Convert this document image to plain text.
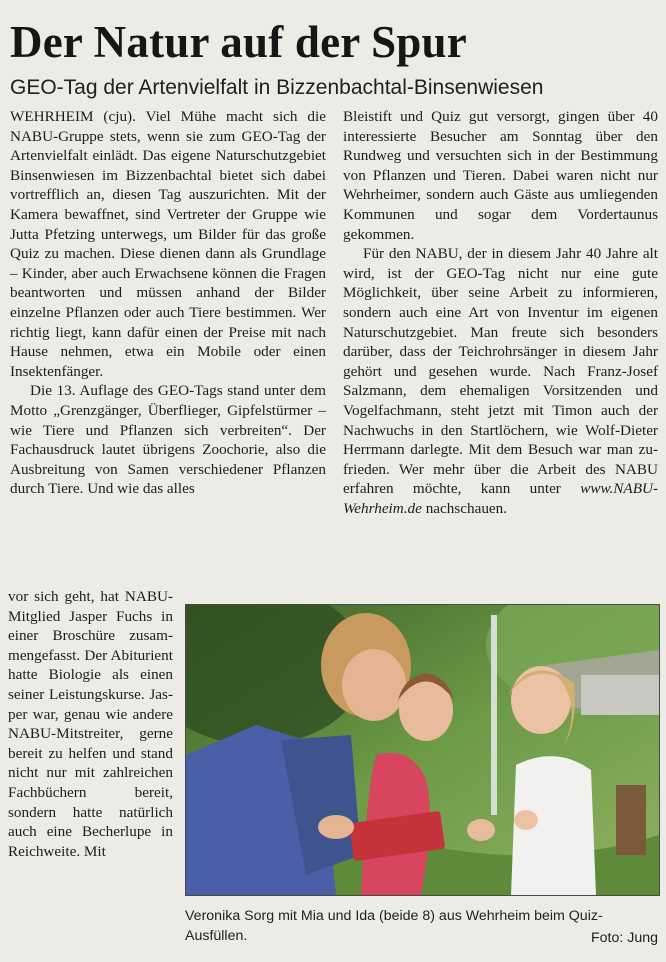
Der Natur auf der Spur
GEO-Tag der Artenvielfalt in Bizzenbachtal-Binsenwiesen

WEHRHEIM (cju). Viel Mühe macht sich die NABU-Gruppe stets, wenn sie zum GEO-Tag der Artenvielfalt einlädt. Das eigene Naturschutzgebiet Binsenwiesen im Bizzenbachtal bietet sich dabei vortrefflich an, diesen Tag auszurichten. Mit der Kamera bewaffnet, sind Vertreter der Gruppe wie Jutta Pfetzing unterwegs, um Bilder für das große Quiz zu machen. Diese dienen dann als Grundlage – Kinder, aber auch Erwachsene können die Fragen beantworten und müssen anhand der Bilder einzelne Pflanzen oder auch Tiere bestimmen. Wer richtig liegt, kann dafür einen der Preise mit nach Hause nehmen, etwa ein Mobile oder einen Insektenfänger.

Die 13. Auflage des GEO-Tags stand unter dem Motto „Grenzgänger, Überflieger, Gipfelstürmer – wie Tiere und Pflanzen sich verbreiten“. Der Fachausdruck lautet übrigens Zoochorie, also die Ausbreitung von Samen verschiedener Pflanzen durch Tiere. Und wie das alles

vor sich geht, hat NABU-Mitglied Jasper Fuchs in einer Broschüre zusammengefasst. Der Abiturient hatte Biologie als einen seiner Leistungskurse. Jasper war, genau wie andere NABU-Mitstreiter, gerne bereit zu helfen und stand nicht nur mit zahlreichen Fachbüchern bereit, sondern hatte natürlich auch eine Becherlupe in Reichweite. Mit

Bleistift und Quiz gut versorgt, gingen über 40 interessierte Besucher am Sonntag über den Rundweg und versuchten sich in der Bestimmung von Pflanzen und Tieren. Dabei waren nicht nur Wehrheimer, sondern auch Gäste aus umliegenden Kommunen und sogar dem Vordertaunus gekommen.

Für den NABU, der in diesem Jahr 40 Jahre alt wird, ist der GEO-Tag nicht nur eine gute Möglichkeit, über seine Arbeit zu informieren, sondern auch eine Art von Inventur im eigenen Naturschutzgebiet. Man freute sich besonders darüber, dass der Teichrohrsänger in diesem Jahr gehört und gesehen wurde. Nach Franz-Josef Salzmann, dem ehemaligen Vorsitzenden und Vogelfachmann, steht jetzt mit Timon auch der Nachwuchs in den Startlöchern, wie Wolf-Dieter Herrmann darlegte. Mit dem Besuch war man zufrieden. Wer mehr über die Arbeit des NABU erfahren möchte, kann unter www.NABU-Wehrheim.de nachschauen.

Veronika Sorg mit Mia und Ida (beide 8) aus Wehrheim beim Quiz-Ausfüllen.	Foto: Jung
